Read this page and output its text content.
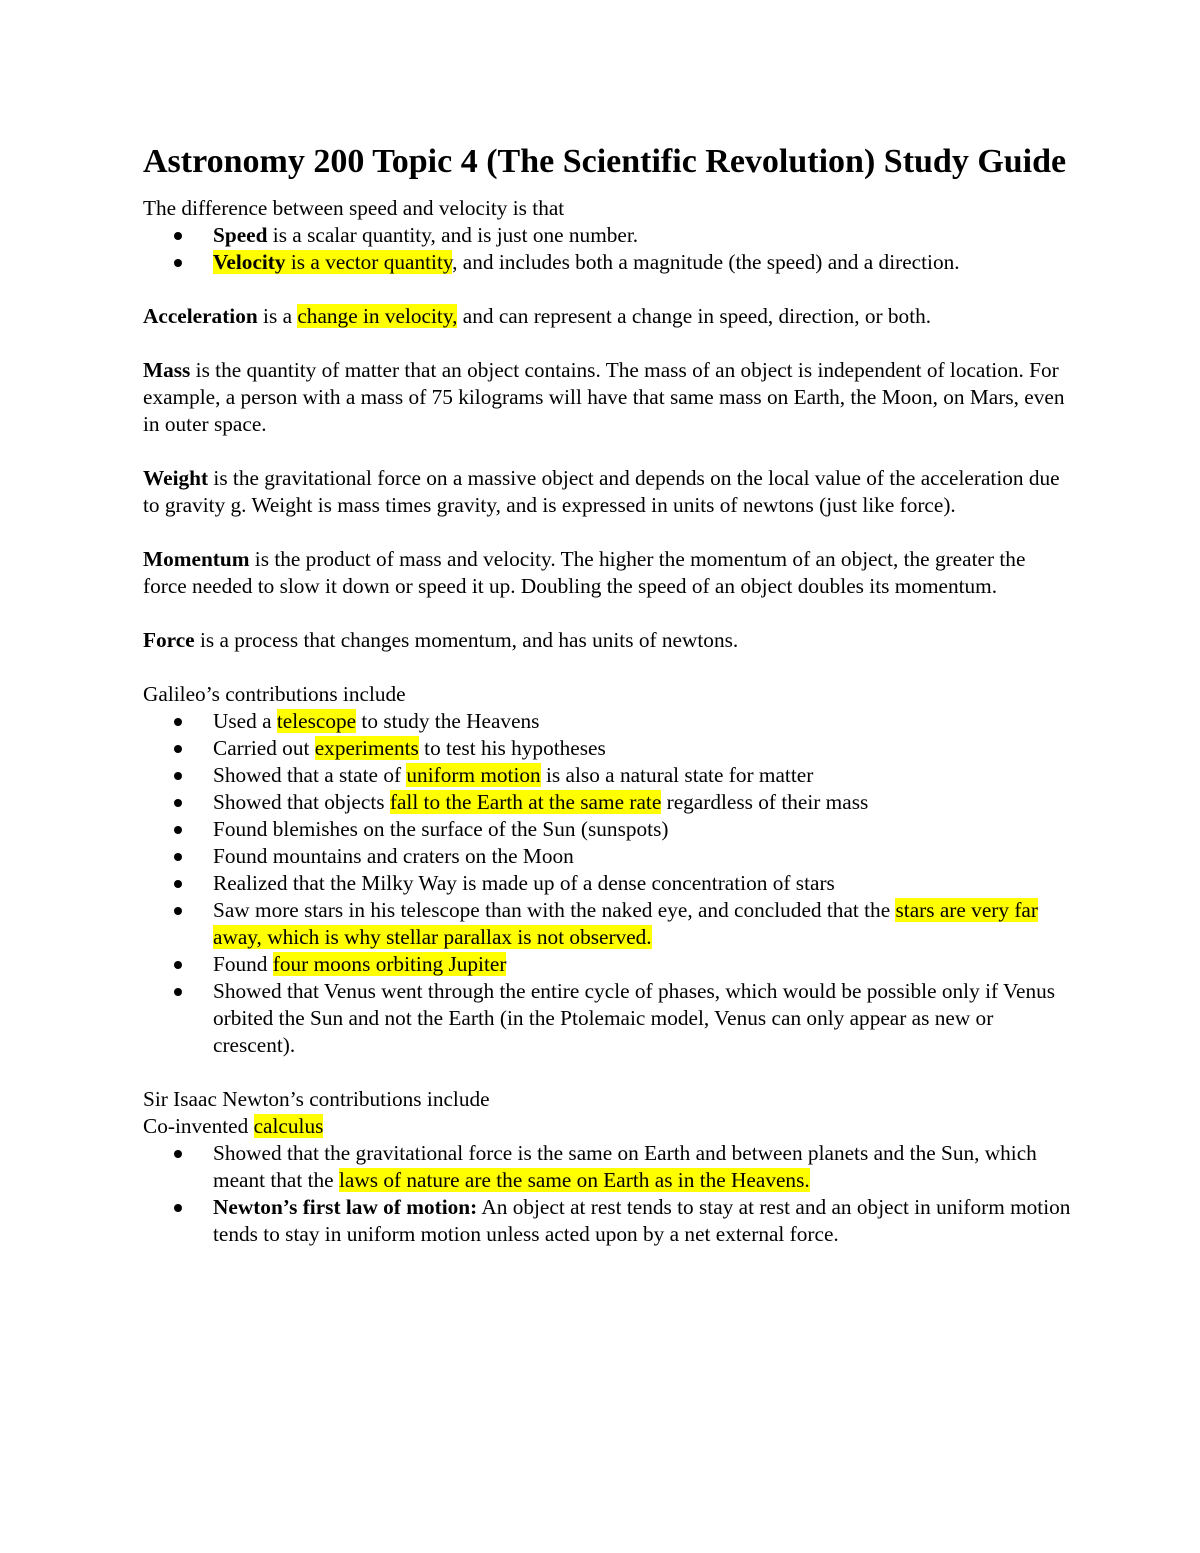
Astronomy 200 Topic 4 (The Scientific Revolution) Study Guide

The difference between speed and velocity is that

Speed is a scalar quantity, and is just one number.
Velocity is a vector quantity, and includes both a magnitude (the speed) and a direction.

Acceleration is a change in velocity, and can represent a change in speed, direction, or both.

Mass is the quantity of matter that an object contains. The mass of an object is independent of location. For example, a person with a mass of 75 kilograms will have that same mass on Earth, the Moon, on Mars, even in outer space.

Weight is the gravitational force on a massive object and depends on the local value of the acceleration due to gravity g. Weight is mass times gravity, and is expressed in units of newtons (just like force).

Momentum is the product of mass and velocity. The higher the momentum of an object, the greater the force needed to slow it down or speed it up. Doubling the speed of an object doubles its momentum.

Force is a process that changes momentum, and has units of newtons.

Galileo’s contributions include

Used a telescope to study the Heavens
Carried out experiments to test his hypotheses
Showed that a state of uniform motion is also a natural state for matter
Showed that objects fall to the Earth at the same rate regardless of their mass
Found blemishes on the surface of the Sun (sunspots)
Found mountains and craters on the Moon
Realized that the Milky Way is made up of a dense concentration of stars
Saw more stars in his telescope than with the naked eye, and concluded that the stars are very far away, which is why stellar parallax is not observed.
Found four moons orbiting Jupiter
Showed that Venus went through the entire cycle of phases, which would be possible only if Venus orbited the Sun and not the Earth (in the Ptolemaic model, Venus can only appear as new or crescent).

Sir Isaac Newton’s contributions include

Co-invented calculus

Showed that the gravitational force is the same on Earth and between planets and the Sun, which meant that the laws of nature are the same on Earth as in the Heavens.
Newton’s first law of motion: An object at rest tends to stay at rest and an object in uniform motion tends to stay in uniform motion unless acted upon by a net external force.
